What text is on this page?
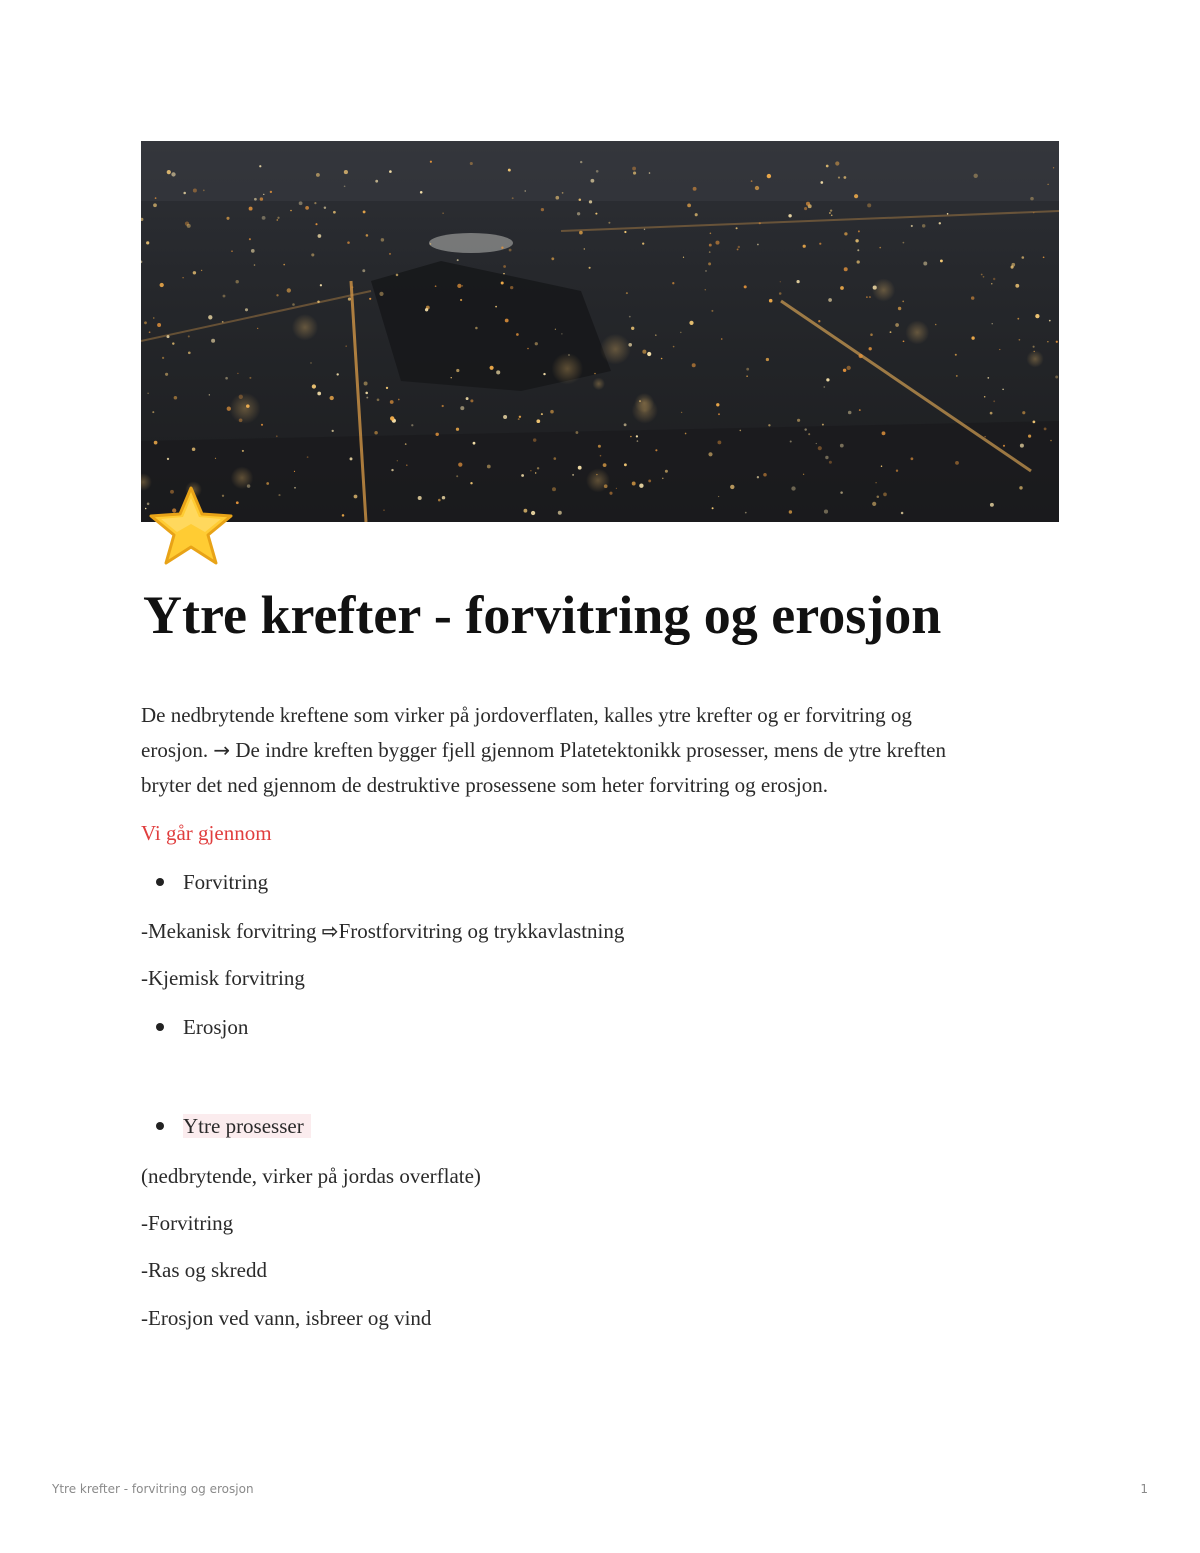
Ytre krefter - forvitring og erosjon

De nedbrytende kreftene som virker på jordoverflaten, kalles ytre krefter og er forvitring og
erosjon. → De indre kreften bygger fjell gjennom Platetektonikk prosesser, mens de ytre kreften
bryter det ned gjennom de destruktive prosessene som heter forvitring og erosjon.

Vi går gjennom

Forvitring

-Mekanisk forvitring ⇨Frostforvitring og trykkavlastning

-Kjemisk forvitring

Erosjon
Ytre prosesser

(nedbrytende, virker på jordas overflate)

-Forvitring

-Ras og skredd

-Erosjon ved vann, isbreer og vind

Ytre krefter - forvitring og erosjon	1
